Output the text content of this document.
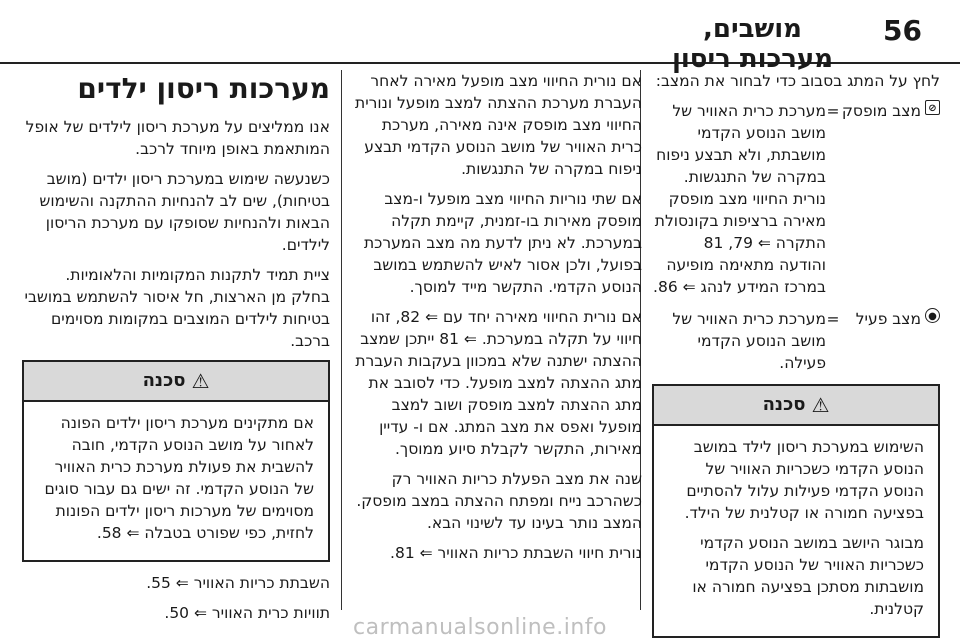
56
מושבים, מערכות ריסון

לחץ על המתג בסבוב כדי לבחור את המצב:

⊘
מצב מופסק
=
מערכת כרית האוויר של מושב הנוסע הקדמי מושבתת, ולא תבצע ניפוח במקרה של התנגשות. נורית החיווי מצב מופסק מאירה ברציפות בקונסולת התקרה ⇐ 79, 81 והודעה מתאימה מופיעה במרכז המידע לנהג ⇐ 86.
●
מצב פעיל
=
מערכת כרית האוויר של מושב הנוסע הקדמי פעילה.
⚠
סכנה

השימוש במערכת ריסון לילד במושב הנוסע הקדמי כשכריות האוויר של הנוסע הקדמי פעילות עלול להסתיים בפציעה חמורה או קטלנית של הילד.

מבוגר היושב במושב הנוסע הקדמי כשכריות האוויר של הנוסע הקדמי מושבתות מסתכן בפציעה חמורה או קטלנית.

אם נורית החיווי מצב מופעל מאירה לאחר העברת מערכת ההצתה למצב מופעל ונורית החיווי מצב מופסק אינה מאירה, מערכת כרית האוויר של מושב הנוסע הקדמי תבצע ניפוח במקרה של התנגשות.

אם שתי נוריות החיווי מצב מופעל ו-מצב מופסק מאירות בו-זמנית, קיימת תקלה במערכת. לא ניתן לדעת מה מצב המערכת בפועל, ולכן אסור לאיש להשתמש במושב הנוסע הקדמי. התקשר מייד למוסך.

אם נורית החיווי מאירה יחד עם ⇐ 82, זהו חיווי על תקלה במערכת. ⇐ 81 ייתכן שמצב ההצתה ישתנה שלא במכוון בעקבות העברת מתג ההצתה למצב מופעל. כדי לסובב את מתג ההצתה למצב מופסק ושוב למצב מופעל ואפס את מצב המתג. אם ו- עדיין מאירות, התקשר לקבלת סיוע ממוסך.

שנה את מצב הפעלת כריות האוויר רק כשהרכב נייח ומפתח ההצתה במצב מופסק. המצב נותר בעינו עד לשינוי הבא.

נורית חיווי השבתת כריות האוויר ⇐ 81.

מערכות ריסון ילדים

אנו ממליצים על מערכת ריסון לילדים של אופל המותאמת באופן מיוחד לרכב.

כשנעשה שימוש במערכת ריסון ילדים (מושב בטיחות), שים לב להנחיות ההתקנה והשימוש הבאות ולהנחיות שסופקו עם מערכת הריסון לילדים.

ציית תמיד לתקנות המקומיות והלאומיות. בחלק מן הארצות, חל איסור להשתמש במושבי בטיחות לילדים המוצבים במקומות מסוימים ברכב.

⚠
סכנה

אם מתקינים מערכת ריסון ילדים הפונה לאחור על מושב הנוסע הקדמי, חובה להשבית את פעולת מערכת כרית האוויר של הנוסע הקדמי. זה ישים גם עבור סוגים מסוימים של מערכות ריסון ילדים הפונות לחזית, כפי שפורט בטבלה ⇐ 58.

השבתת כריות האוויר ⇐ 55.

תוויות כרית האוויר ⇐ 50.

carmanualsonline.info
